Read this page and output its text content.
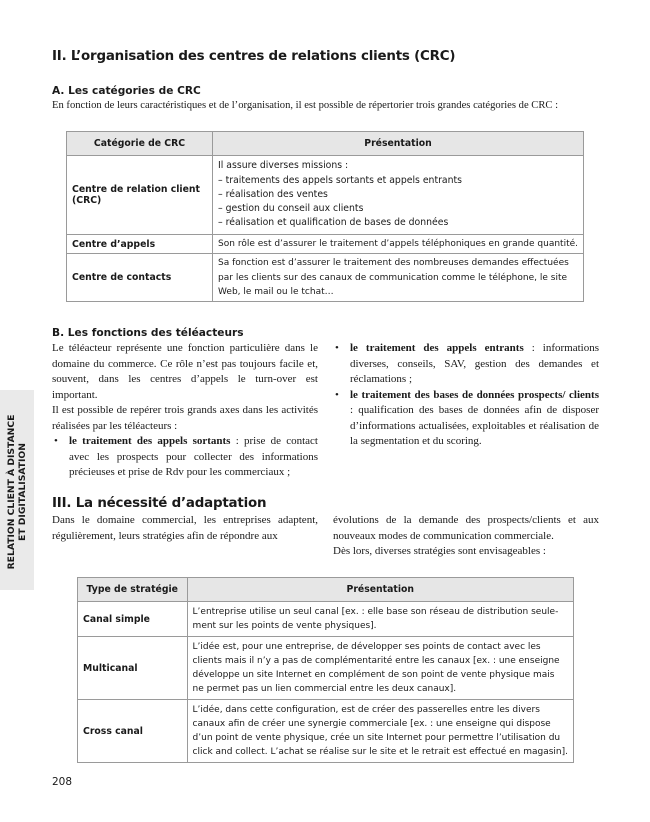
II. L’organisation des centres de relations clients (CRC)
A. Les catégories de CRC

En fonction de leurs caractéristiques et de l’organisation, il est possible de répertorier trois grandes catégories de CRC :

Catégorie de CRC	Présentation
Centre de relation client (CRC)	Il assure diverses missions :
– traitements des appels sortants et appels entrants
– réalisation des ventes
– gestion du conseil aux clients
– réalisation et qualification de bases de données

Centre d’appels	Son rôle est d’assurer le traitement d’appels téléphoniques en grande quantité.

Centre de contacts	Sa fonction est d’assurer le traitement des nombreuses demandes effectuées
par les clients sur des canaux de communication comme le téléphone, le site
Web, le mail ou le tchat…
B. Les fonctions des téléacteurs

Le téléacteur représente une fonction particulière dans le domaine du commerce. Ce rôle n’est pas toujours facile et, souvent, dans les centres d’appels le turn-over est important.

Il est possible de repérer trois grands axes dans les activités réalisées par les téléacteurs :

• le traitement des appels sortants : prise de contact avec les prospects pour collecter des informations précieuses et prise de Rdv pour les commerciaux ;
• le traitement des appels entrants : informations diverses, conseils, SAV, gestion des demandes et réclamations ;
• le traitement des bases de données prospects/ clients : qualification des bases de données afin de disposer d’informations actualisées, exploitables et réalisation de la segmentation et du scoring.
III. La nécessité d’adaptation

Dans le domaine commercial, les entreprises adaptent, régulièrement, leurs stratégies afin de répondre aux

évolutions de la demande des prospects/clients et aux nouveaux modes de communication commerciale.

Dès lors, diverses stratégies sont envisageables :

Type de stratégie	Présentation
Canal simple	L’entreprise utilise un seul canal [ex. : elle base son réseau de distribution seule-
ment sur les points de vente physiques].

Multicanal	L’idée est, pour une entreprise, de développer ses points de contact avec les
clients mais il n’y a pas de complémentarité entre les canaux [ex. : une enseigne
développe un site Internet en complément de son point de vente physique mais
ne permet pas un lien commercial entre les deux canaux].

Cross canal	L’idée, dans cette configuration, est de créer des passerelles entre les divers
canaux afin de créer une synergie commerciale [ex. : une enseigne qui dispose
d’un point de vente physique, crée un site Internet pour permettre l’utilisation du
click and collect. L’achat se réalise sur le site et le retrait est effectué en magasin].
RELATION CLIENT À DISTANCE ET DIGITALISATION
208
